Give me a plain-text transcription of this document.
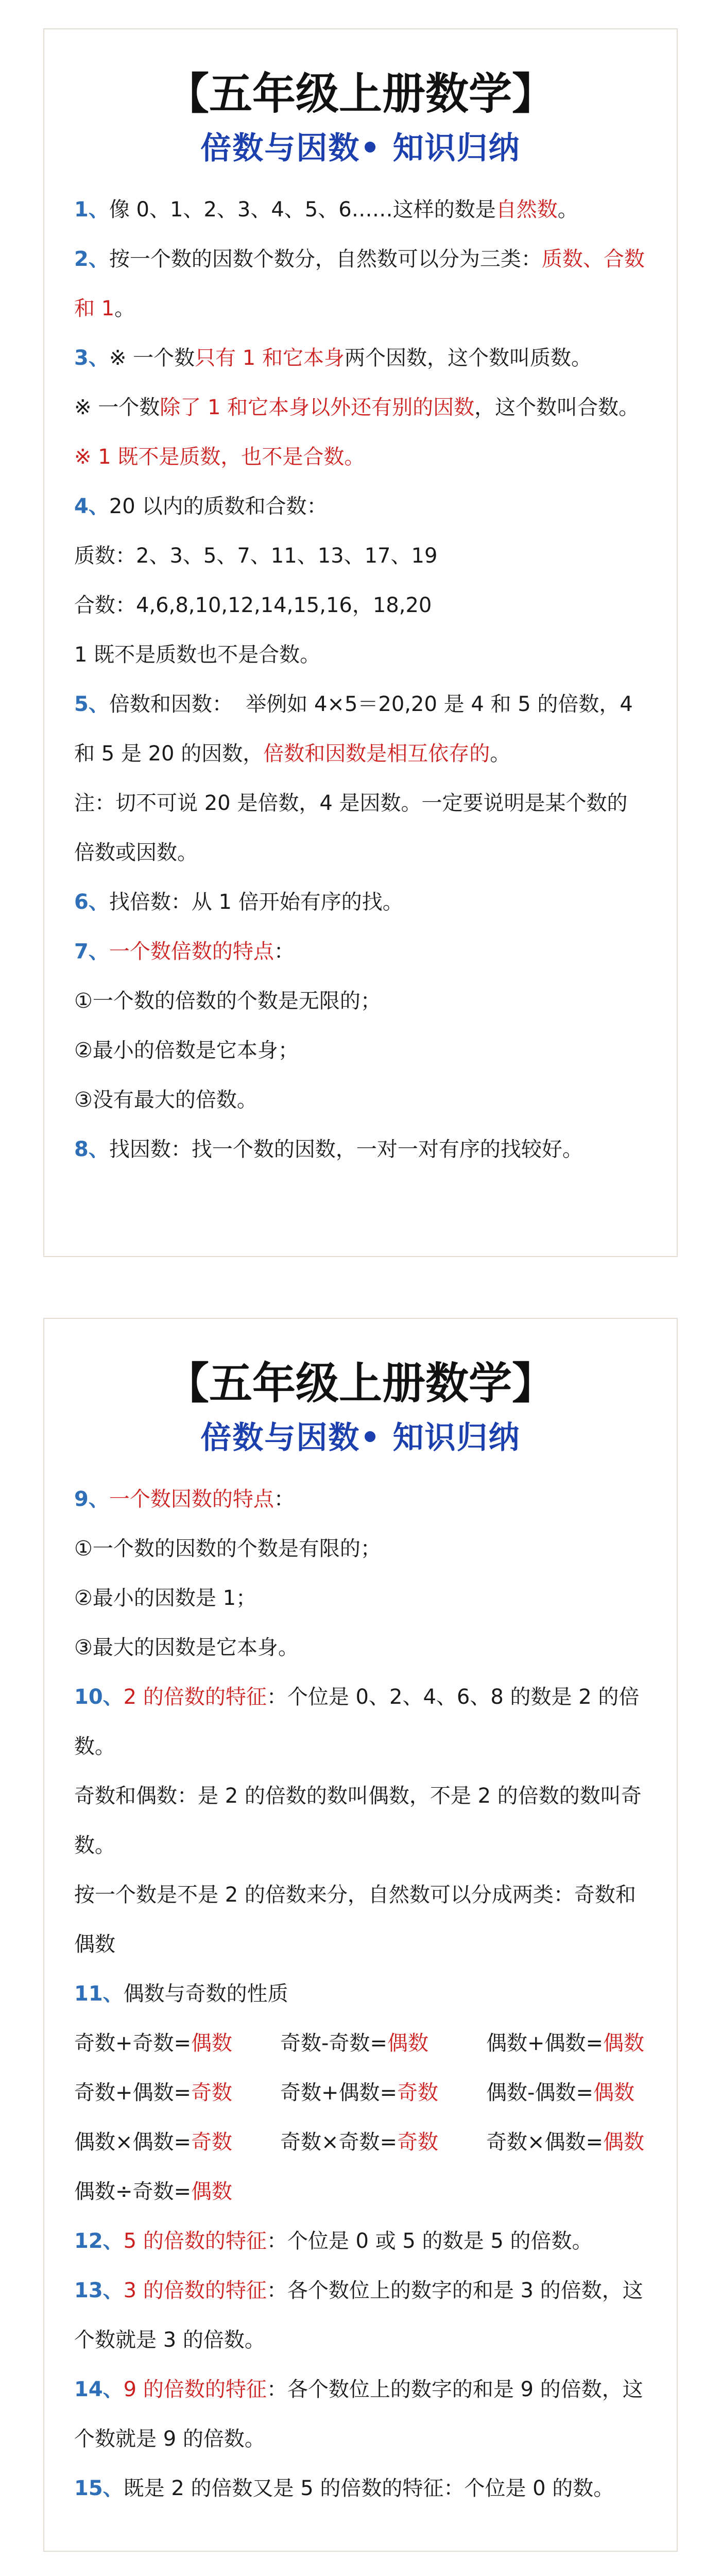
【五年级上册数学】
倍数与因数• 知识归纳
1、像 0、1、2、3、4、5、6……这样的数是自然数。
2、按一个数的因数个数分，自然数可以分为三类：质数、合数和 1。
3、※ 一个数只有 1 和它本身两个因数，这个数叫质数。
※ 一个数除了 1 和它本身以外还有别的因数，这个数叫合数。
※ 1 既不是质数，也不是合数。
4、20 以内的质数和合数：
质数：2、3、5、7、11、13、17、19
合数：4,6,8,10,12,14,15,16，18,20
1 既不是质数也不是合数。
5、倍数和因数：  举例如 4×5＝20,20 是 4 和 5 的倍数，4 和 5 是 20 的因数，倍数和因数是相互依存的。
注：切不可说 20 是倍数，4 是因数。一定要说明是某个数的倍数或因数。
6、找倍数：从 1 倍开始有序的找。
7、一个数倍数的特点：
①一个数的倍数的个数是无限的；
②最小的倍数是它本身；
③没有最大的倍数。
8、找因数：找一个数的因数，一对一对有序的找较好。
【五年级上册数学】
倍数与因数• 知识归纳
9、一个数因数的特点：
①一个数的因数的个数是有限的；
②最小的因数是 1；
③最大的因数是它本身。
10、2 的倍数的特征：个位是 0、2、4、6、8 的数是 2 的倍数。
奇数和偶数：是 2 的倍数的数叫偶数，不是 2 的倍数的数叫奇数。
按一个数是不是 2 的倍数来分，自然数可以分成两类：奇数和偶数
11、偶数与奇数的性质
奇数+奇数=偶数	奇数-奇数=偶数	偶数+偶数=偶数
奇数+偶数=奇数	奇数+偶数=奇数	偶数-偶数=偶数
偶数×偶数=奇数	奇数×奇数=奇数	奇数×偶数=偶数
偶数÷奇数=偶数
12、5 的倍数的特征：个位是 0 或 5 的数是 5 的倍数。
13、3 的倍数的特征：各个数位上的数字的和是 3 的倍数，这个数就是 3 的倍数。
14、9 的倍数的特征：各个数位上的数字的和是 9 的倍数，这个数就是 9 的倍数。
15、既是 2 的倍数又是 5 的倍数的特征：个位是 0 的数。
